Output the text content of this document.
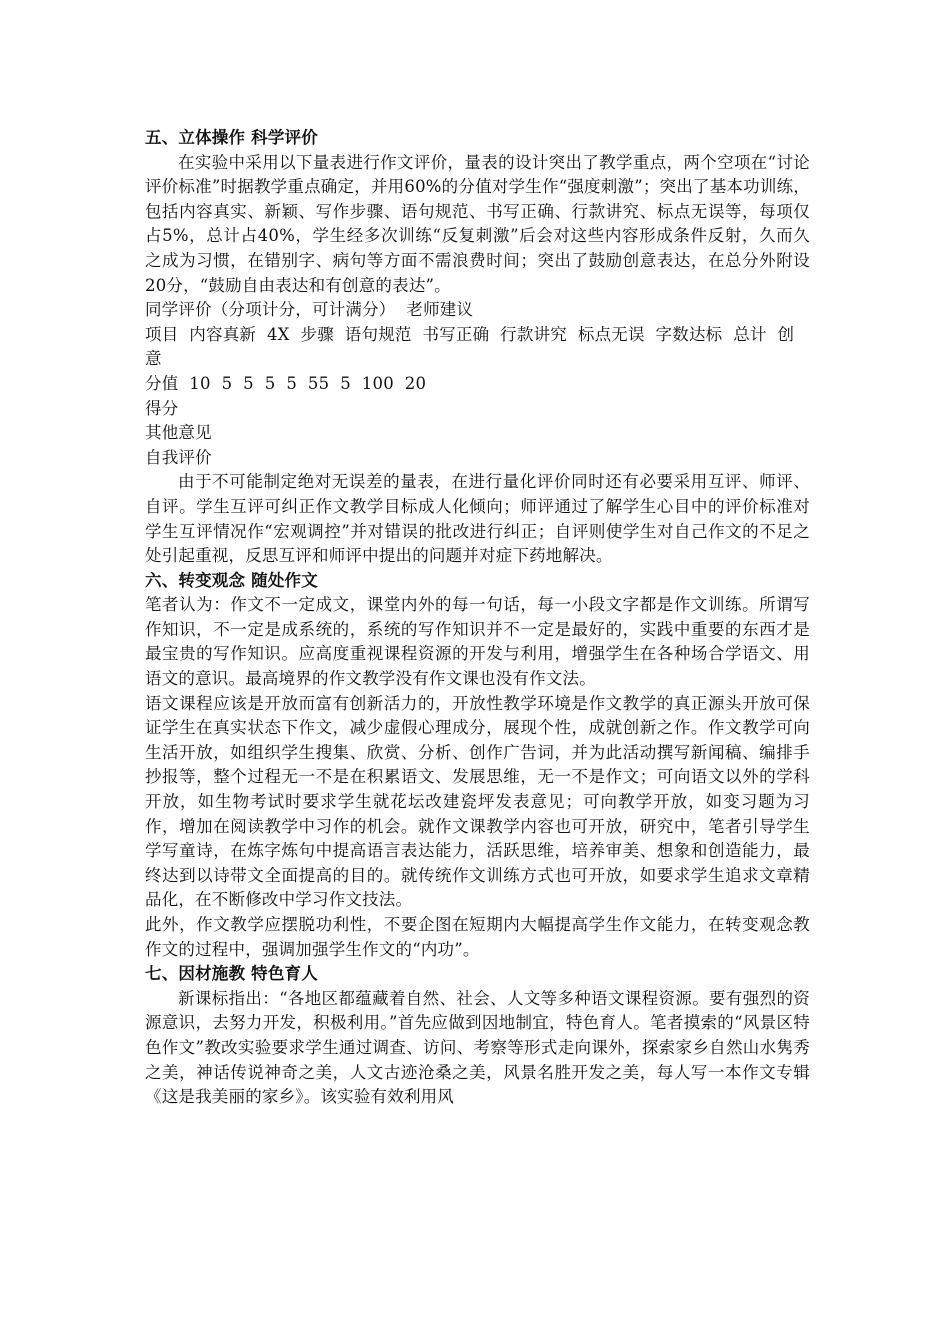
五、立体操作 科学评价

在实验中采用以下量表进行作文评价，量表的设计突出了教学重点，两个空项在“讨论评价标准”时据教学重点确定，并用60%的分值对学生作“强度刺激”；突出了基本功训练，包括内容真实、新颖、写作步骤、语句规范、书写正确、行款讲究、标点无误等，每项仅占5%，总计占40%，学生经多次训练“反复刺激”后会对这些内容形成条件反射，久而久之成为习惯，在错别字、病句等方面不需浪费时间；突出了鼓励创意表达，在总分外附设20分，“鼓励自由表达和有创意的表达”。

同学评价（分项计分，可计满分）  老师建议

项目  内容真新  4X  步骤  语句规范  书写正确  行款讲究  标点无误  字数达标  总计  创意

分值  10  5  5  5  5  55  5  100  20

得分

其他意见

自我评价

由于不可能制定绝对无误差的量表，在进行量化评价同时还有必要采用互评、师评、自评。学生互评可纠正作文教学目标成人化倾向；师评通过了解学生心目中的评价标准对学生互评情况作“宏观调控”并对错误的批改进行纠正；自评则使学生对自己作文的不足之处引起重视，反思互评和师评中提出的问题并对症下药地解决。

六、转变观念 随处作文

笔者认为：作文不一定成文，课堂内外的每一句话，每一小段文字都是作文训练。所谓写作知识，不一定是成系统的，系统的写作知识并不一定是最好的，实践中重要的东西才是最宝贵的写作知识。应高度重视课程资源的开发与利用，增强学生在各种场合学语文、用语文的意识。最高境界的作文教学没有作文课也没有作文法。

语文课程应该是开放而富有创新活力的，开放性教学环境是作文教学的真正源头开放可保证学生在真实状态下作文，减少虚假心理成分，展现个性，成就创新之作。作文教学可向生活开放，如组织学生搜集、欣赏、分析、创作广告词，并为此活动撰写新闻稿、编排手抄报等，整个过程无一不是在积累语文、发展思维，无一不是作文；可向语文以外的学科开放，如生物考试时要求学生就花坛改建瓷坪发表意见；可向教学开放，如变习题为习作，增加在阅读教学中习作的机会。就作文课教学内容也可开放，研究中，笔者引导学生学写童诗，在炼字炼句中提高语言表达能力，活跃思维，培养审美、想象和创造能力，最终达到以诗带文全面提高的目的。就传统作文训练方式也可开放，如要求学生追求文章精品化，在不断修改中学习作文技法。

此外，作文教学应摆脱功利性，不要企图在短期内大幅提高学生作文能力，在转变观念教作文的过程中，强调加强学生作文的“内功”。

七、因材施教 特色育人

新课标指出：“各地区都蕴藏着自然、社会、人文等多种语文课程资源。要有强烈的资源意识，去努力开发，积极利用。”首先应做到因地制宜，特色育人。笔者摸索的“风景区特色作文”教改实验要求学生通过调查、访问、考察等形式走向课外，探索家乡自然山水隽秀之美，神话传说神奇之美，人文古迹沧桑之美，风景名胜开发之美，每人写一本作文专辑《这是我美丽的家乡》。该实验有效利用风
